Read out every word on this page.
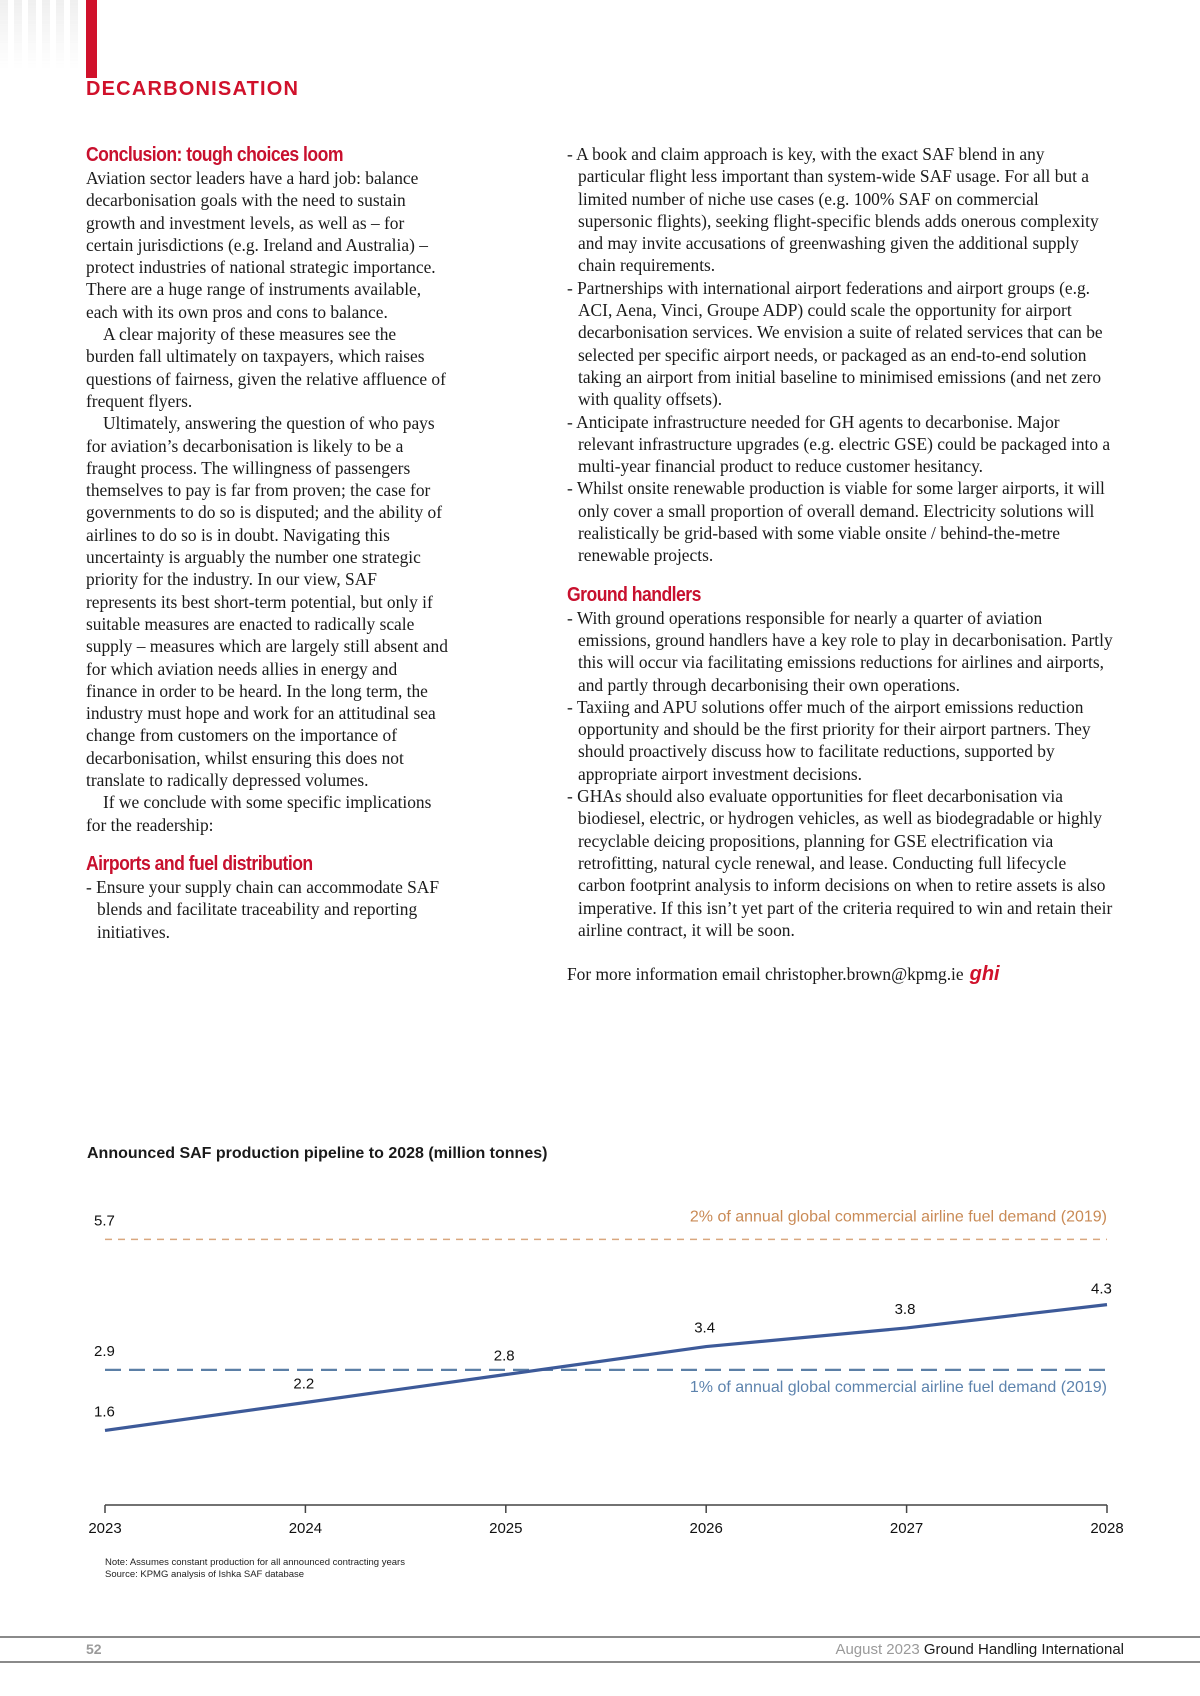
DECARBONISATION
Conclusion: tough choices loom

Aviation sector leaders have a hard job: balance decarbonisation goals with the need to sustain growth and investment levels, as well as – for certain jurisdictions (e.g. Ireland and Australia) – protect industries of national strategic importance. There are a huge range of instruments available, each with its own pros and cons to balance.

A clear majority of these measures see the burden fall ultimately on taxpayers, which raises questions of fairness, given the relative affluence of frequent flyers.

Ultimately, answering the question of who pays for aviation’s decarbonisation is likely to be a fraught process. The willingness of passengers themselves to pay is far from proven; the case for governments to do so is disputed; and the ability of airlines to do so is in doubt. Navigating this uncertainty is arguably the number one strategic priority for the industry. In our view, SAF represents its best short-term potential, but only if suitable measures are enacted to radically scale supply – measures which are largely still absent and for which aviation needs allies in energy and finance in order to be heard. In the long term, the industry must hope and work for an attitudinal sea change from customers on the importance of decarbonisation, whilst ensuring this does not translate to radically depressed volumes.

If we conclude with some specific implications for the readership:

Airports and fuel distribution

- Ensure your supply chain can accommodate SAF blends and facilitate traceability and reporting initiatives.

- A book and claim approach is key, with the exact SAF blend in any particular flight less important than system-wide SAF usage. For all but a limited number of niche use cases (e.g. 100% SAF on commercial supersonic flights), seeking flight-specific blends adds onerous complexity and may invite accusations of greenwashing given the additional supply chain requirements.

- Partnerships with international airport federations and airport groups (e.g. ACI, Aena, Vinci, Groupe ADP) could scale the opportunity for airport decarbonisation services. We envision a suite of related services that can be selected per specific airport needs, or packaged as an end-to-end solution taking an airport from initial baseline to minimised emissions (and net zero with quality offsets).

- Anticipate infrastructure needed for GH agents to decarbonise. Major relevant infrastructure upgrades (e.g. electric GSE) could be packaged into a multi-year financial product to reduce customer hesitancy.

- Whilst onsite renewable production is viable for some larger airports, it will only cover a small proportion of overall demand. Electricity solutions will realistically be grid-based with some viable onsite / behind-the-metre renewable projects.

Ground handlers

- With ground operations responsible for nearly a quarter of aviation emissions, ground handlers have a key role to play in decarbonisation. Partly this will occur via facilitating emissions reductions for airlines and airports, and partly through decarbonising their own operations.

- Taxiing and APU solutions offer much of the airport emissions reduction opportunity and should be the first priority for their airport partners. They should proactively discuss how to facilitate reductions, supported by appropriate airport investment decisions.

- GHAs should also evaluate opportunities for fleet decarbonisation via biodiesel, electric, or hydrogen vehicles, as well as biodegradable or highly recyclable deicing propositions, planning for GSE electrification via retrofitting, natural cycle renewal, and lease. Conducting full lifecycle carbon footprint analysis to inform decisions on when to retire assets is also imperative. If this isn’t yet part of the criteria required to win and retain their airline contract, it will be soon.

For more information email christopher.brown@kpmg.ie ghi

Announced SAF production pipeline to 2028 (million tonnes)
5.7	2% of annual global commercial airline fuel demand (2019)
2.9
1% of annual global commercial airline fuel demand (2019)
1.6
2.2
2.8
3.4
3.8
4.3
2023	2024	2025	2026	2027	2028
Note: Assumes constant production for all announced contracting years
Source: KPMG analysis of Ishka SAF database
52	August 2023 Ground Handling International
